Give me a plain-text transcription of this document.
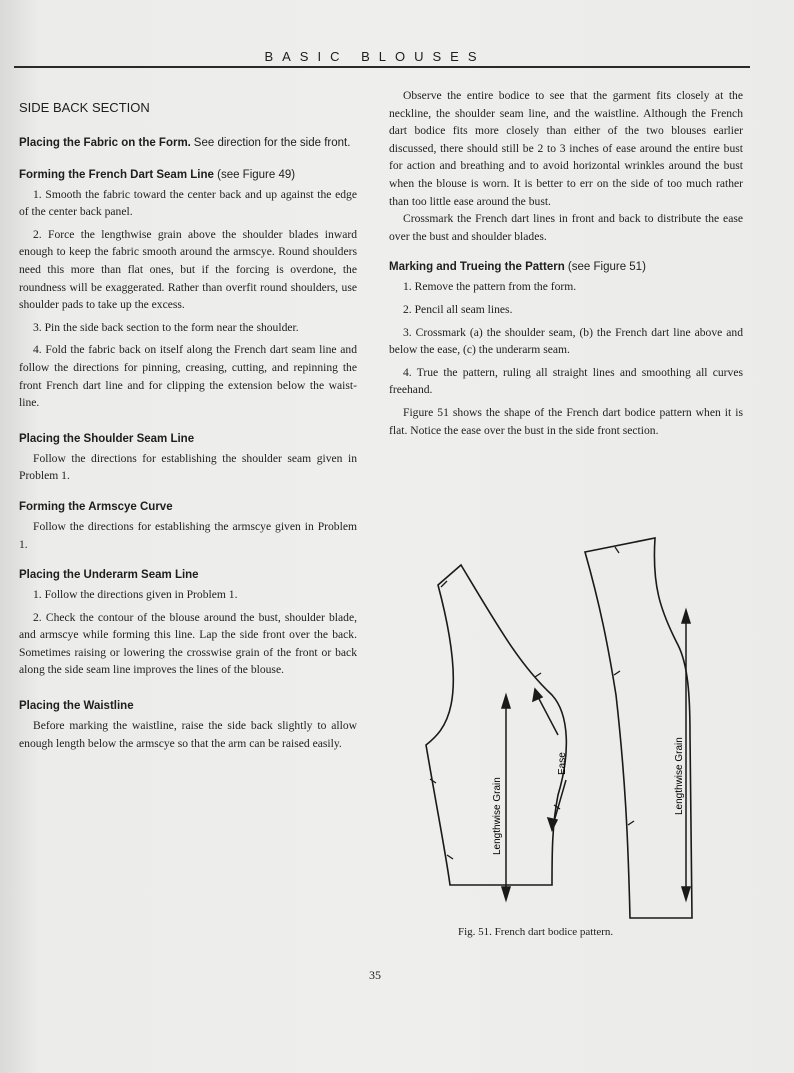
BASIC BLOUSES
SIDE BACK SECTION

Placing the Fabric on the Form. See direction for the side front.

Forming the French Dart Seam Line (see Figure 49)

1. Smooth the fabric toward the center back and up against the edge of the center back panel.

2. Force the lengthwise grain above the shoulder blades inward enough to keep the fabric smooth around the armscye. Round shoulders need this more than flat ones, but if the forcing is overdone, the roundness will be exaggerated. Rather than overfit round shoulders, use shoulder pads to take up the excess.

3. Pin the side back section to the form near the shoulder.

4. Fold the fabric back on itself along the French dart seam line and follow the directions for pinning, creasing, cutting, and repinning the front French dart line and for clipping the extension below the waist-line.

Placing the Shoulder Seam Line

Follow the directions for establishing the shoulder seam given in Problem 1.

Forming the Armscye Curve

Follow the directions for establishing the armscye given in Problem 1.

Placing the Underarm Seam Line

1. Follow the directions given in Problem 1.

2. Check the contour of the blouse around the bust, shoulder blade, and armscye while forming this line. Lap the side front over the back. Sometimes raising or lowering the crosswise grain of the front or back along the side seam line improves the lines of the blouse.

Placing the Waistline

Before marking the waistline, raise the side back slightly to allow enough length below the armscye so that the arm can be raised easily.

Observe the entire bodice to see that the garment fits closely at the neckline, the shoulder seam line, and the waistline. Although the French dart bodice fits more closely than either of the two blouses earlier discussed, there should still be 2 to 3 inches of ease around the entire bust for action and breathing and to avoid horizontal wrinkles around the bust when the blouse is worn. It is better to err on the side of too much rather than too little ease around the bust.

Crossmark the French dart lines in front and back to distribute the ease over the bust and shoulder blades.

Marking and Trueing the Pattern (see Figure 51)

1. Remove the pattern from the form.

2. Pencil all seam lines.

3. Crossmark (a) the shoulder seam, (b) the French dart line above and below the ease, (c) the underarm seam.

4. True the pattern, ruling all straight lines and smoothing all curves freehand.

Figure 51 shows the shape of the French dart bodice pattern when it is flat. Notice the ease over the bust in the side front section.

Lengthwise Grain
Ease	Lengthwise Grain
Fig. 51. French dart bodice pattern.
35
